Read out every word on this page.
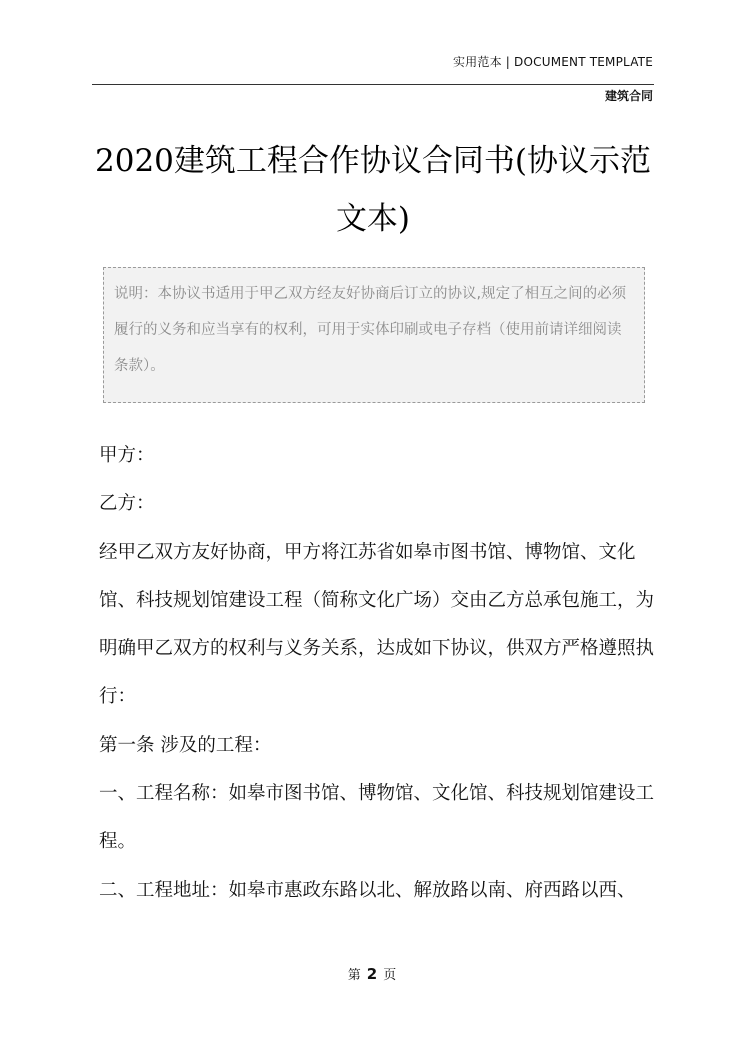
实用范本 | DOCUMENT TEMPLATE
建筑合同
2020建筑工程合作协议合同书(协议示范文本)
说明：本协议书适用于甲乙双方经友好协商后订立的协议,规定了相互之间的必须履行的义务和应当享有的权利，可用于实体印刷或电子存档（使用前请详细阅读条款）。

甲方：

乙方：

经甲乙双方友好协商，甲方将江苏省如皋市图书馆、博物馆、文化馆、科技规划馆建设工程（简称文化广场）交由乙方总承包施工，为明确甲乙双方的权利与义务关系，达成如下协议，供双方严格遵照执行：

第一条 涉及的工程：

一、工程名称：如皋市图书馆、博物馆、文化馆、科技规划馆建设工程。

二、工程地址：如皋市惠政东路以北、解放路以南、府西路以西、

第 2 页
